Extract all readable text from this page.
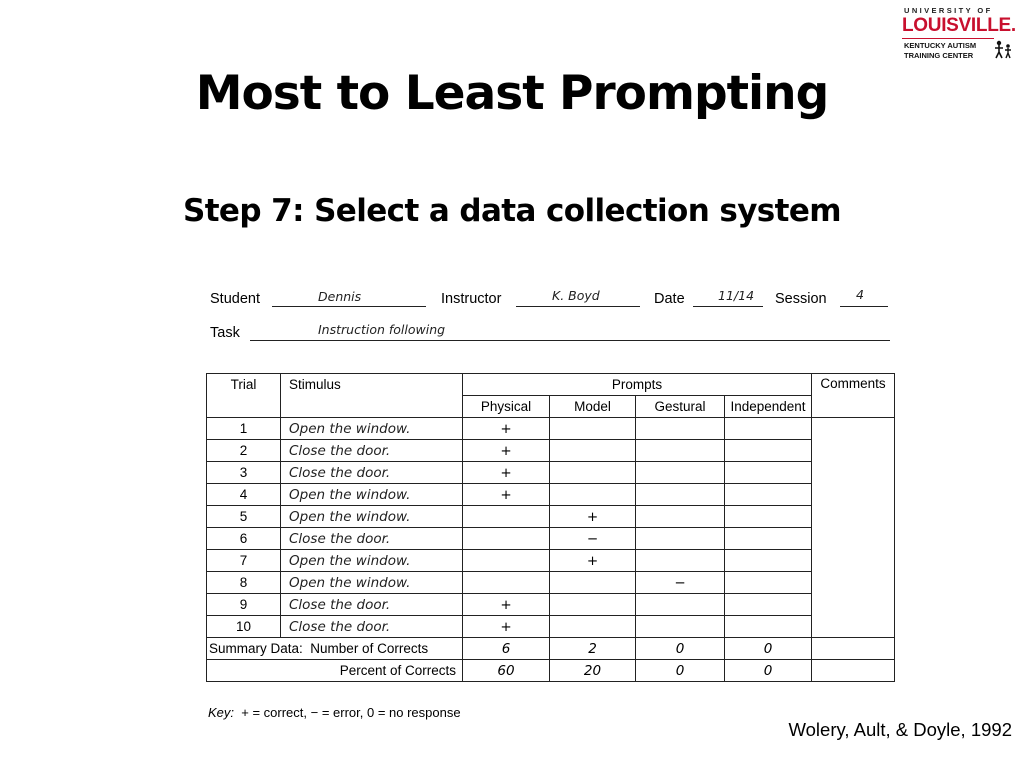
UNIVERSITY OF
LOUISVILLE.
KENTUCKY AUTISM
TRAINING CENTER
Most to Least Prompting
Step 7: Select a data collection system
Student	Dennis	Instructor	K. Boyd	Date	11/14 Session 4
Task	Instruction following
Trial	Stimulus	Prompts				Comments
		Physical	Model	Gestural	Independent	
1	Open the window.	+				
2	Close the door.	+				
3	Close the door.	+				
4	Open the window.	+				
5	Open the window.		+			
6	Close the door.		−			
7	Open the window.		+			
8	Open the window.			−		
9	Close the door.	+				
10	Close the door.	+				
Summary Data: Number of Corrects		6	2	0	0	
Percent of Corrects		60	20	0	0	
Key: + = correct, − = error, 0 = no response
Wolery, Ault, & Doyle, 1992
